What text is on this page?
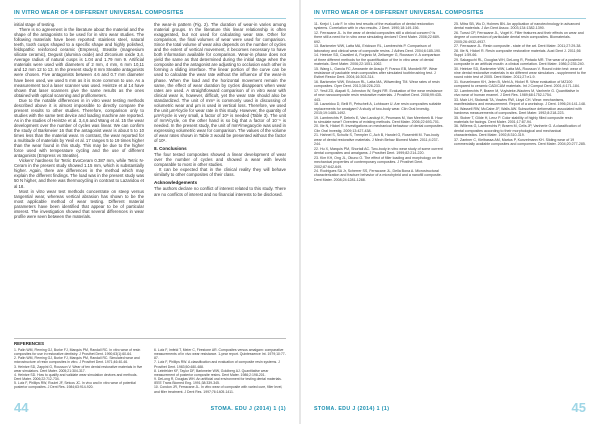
IN VITRO WEAR OF 4 DIFFERENT UNIVERSAL COMPOSITES

initial stage of testing.

There is no agreement in the literature about the material and the shape of the antagonists to be used for in vitro wear studies. The following materials have been reported: stainless steel, natural teeth, tooth cusps shaped to a specific shape and highly polished, feldspathic reinforced ceramic (Empress), Steatite (magnesium silicate ceramic), Degusit (alumina oxide) and Zirconium oxide 3,4. Average radius of natural cusps is 1.04 and 1.79 mm 9. Artificial materials were used with diameters of 2 mm, 4 mm, 6 mm 10,11 and 12 mm 12 to 13. In the present study 8 mm Steatite antagonists were chosen. Five antagonists between 4.6 and 0.7 mm diameter have been used, we used 5 mm as it is more common to use. As a measurement tool a laser scanner was used. Heintze et al 14 have shown that laser scanners give the same results as the ones obtained with optical scanning and profilometers.

Due to the notable differences in in vitro wear testing methods described above it is almost impossible to directly compare the present results to other studies. Therefore, comparison only to studies with the same test device and loading machine are reported. As in the studies of Heintze et al. 3,4,6 and Wang et al. 15 the wear development over the number of cycles was linear. We can confirm the study of Barkmeier 16 that the antagonist wear is about 5 to 10 times less than the material wear. In contrast, the wear reported for a multitude of materials by Yesil et al. 17 ranges 5 to 19 times higher than the wear found in this study. This may be due to the higher force used with temperature cycling and the use of different antagonists (Empress vs Steatite).

Vickers' hardness for Tetric EvoCeram 0.387 mm, while Tetric N-Ceram in the present study showed 1.15 mm, which is substantially higher. Again, there are differences in the method which may explain the different findings. The load was in the present study was 50 N higher, and there was thermocycling in contrast to Lazaridou et al 18.

Most in vitro wear test methods concentrate on steep versus tangential wear, whereas vertical abrasion has shown to be the most applicable method of wear testing. Different material parameters have been identified that appear to be of particular interest. The investigation showed that several differences in wear profile were seen between the materials.

the wear-in pattern (Fig. 2). The duration of wear-in varies among material groups. In the literature this linear relationship is often exaggerated, but not used for calculating wear rate. Other for comparison, the final volumes of wear were used for comparison. Since the total volume of wear also depends on the number of cycles and the extent of vertical movement, it becomes necessary to have both information available for comparison. Wear-in phase does not yield the same as that determined during the initial stage when the composite and the antagonist are adjusting to occlusion each other in forming a sliding interface. The linear portion of the curve can be used to calculate the wear rate without the influence of the wear-in phase. When the load and the horizontal movement remain the same, the effect of wear duration by cycles disappears when wear rates are used. A straightforward comparison of in vitro wear with clinical wear is, however, difficult, yet the wear rate should also be standardized. The unit of mm³ is commonly used in discussing of volumetric wear and µm is used in vertical loss. Therefore, we used the unit µm³/cycle for wear rate in this study. However, the quantity of µm³/cycle is very small, a factor of 10⁶ is needed (Table 3). The unit of mm³/cycle, on the other hand is so big that a factor of 10⁻⁶ is needed. In the present study, the unit of mm³/megacycle was used in expressing volumetric wear for comparison. The values of the volume of wear rates shown in Table 3 would be presented without the factor of 10⁶.

8. Conclusions

The four tested composites showed a linear development of wear over the number of cycles and showed a wear with levels comparable to most in other studies.

It can be expected that in the clinical reality they will behave similarly to other composites of their class.

Acknowledgements

The authors declare no conflict of interest related to this study. There are no conflicts of interest and no financial interests to be disclosed.

REFERENCES
1. Palin WM, Fleming GJ, Burke FJ, Marquis PM, Randall RC. In vitro wear of resin composites for use in restorative dentistry. J Prosthet Dent. 1990;63(1):60-64.
2. Palin WM, Fleming GJ, Burke FJ, Marquis PM, Randall RC. Simulated wear and microstructure of resin composites in vitro. J Prosthet Dent. 1971;46:40-46.
3. Heintze SD, Zappini G, Rousson V. Wear of ten dental restorative materials in five wear simulators. Dent Mater. 2005;21:304-317.
4. Heintze SD. How to qualify and validate wear simulation devices and methods. Dent Mater. 2006;22:712-734.
5. Lutz F, Phillips RW, Roulet JF, Setcos JC. In vivo and in vitro wear of potential posterior composites. J Dent Res. 1984;63:914-920.
6. Lutz F, Imfeld T, Meier C, Firestone AR. Composites versus amalgam: comparative measurements of in vivo wear resistance. 1-year report. Quintessence Int. 1979;10:77-87.
7. Lutz F, Phillips RW. A classification and evaluation of composite resin systems. J Prosthet Dent. 1983;50:480-488.
8. Leinfelder KF, Taylor DF, Barkmeier WW, Goldberg AJ. Quantitative wear measurement of posterior composite resins. Dent Mater. 1986;2:198-201.
9. DeLong R, Douglas WH. An artificial oral environment for testing dental materials. IEEE Trans Biomed Eng. 1991;38:339-345.
10. Condon JR, Ferracane JL. In vitro wear of composite with varied cure, filler level, and filler treatment. J Dent Res. 1997;76:1405-1411.
44	STOMA. EDU J (2014) 1 (1)
IN VITRO WEAR OF 4 DIFFERENT UNIVERSAL COMPOSITES
11. Krejci I, Lutz F. In vitro test results of the evaluation of dental restoration systems. Correlation with in vivo results. J Dent. 1990;18:149-156.
12. Ferracane JL. Is the wear of dental composites still a clinical concern? Is there still a need for in vitro wear simulating devices? Dent Mater. 2006;22:689-692.
13. Barkmeier WW, Latta MA, Erickson RL, Lambrechts P. Comparison of laboratory and clinical wear of composite resins. J Adhes Dent. 2004;6:185-190.
14. Heintze SD, Cavalleri A, Forjanic M, Zellweger G, Rousson V. A comparison of three different methods for the quantification of the in vitro wear of dental materials. Dent Mater. 2006;22:1051-1062.
15. Wang L, Garcia FC, Amarante de Araujo P, Franco EB, Mondelli RF. Wear resistance of packable resin composites after simulated toothbrushing test. J Esthet Restor Dent. 2004;16:303-314.
16. Barkmeier WW, Erickson RL, Latta MA, Wilwerding TM. Wear rates of resin composites. Oper Dent. 2013;38:226-233.
17. Yesil ZD, Alapati S, Johnston W, Seghi RR. Evaluation of the wear resistance of new nanocomposite resin restorative materials. J Prosthet Dent. 2008;99:435-443.
18. Lazaridou D, Belli R, Petschelt A, Lohbauer U. Are resin composites suitable replacements for amalgam? A study of two-body wear. Clin Oral Investig. 2015;19:1485-1492.
19. Lambrechts P, Debels E, Van Landuyt K, Peumans M, Van Meerbeek B. How to simulate wear? Overview of existing methods. Dent Mater. 2006;22:693-701.
20. Ilie N, Hickel R. Investigations on mechanical behaviour of dental composites. Clin Oral Investig. 2009;13:427-438.
21. Hahnel S, Schultz S, Trempler C, Ach B, Handel G, Rosentritt M. Two-body wear of dental restorative materials. J Mech Behav Biomed Mater. 2011;4:237-244.
22. Hu X, Marquis PM, Shortall AC. Two-body in vitro wear study of some current dental composites and amalgams. J Prosthet Dent. 1999;82:214-220.
23. Kim KH, Ong JL, Okuno O. The effect of filler loading and morphology on the mechanical properties of contemporary composites. J Prosthet Dent. 2002;87:642-649.
24. Rodrigues SA Jr, Scherrer SS, Ferracane JL, Della Bona A. Microstructural characterization and fracture behavior of a microhybrid and a nanofill composite. Dent Mater. 2008;24:1281-1288.
25. Mitra SB, Wu D, Holmes BN. An application of nanotechnology in advanced dental materials. J Am Dent Assoc. 2003;134:1382-1390.
26. Turssi CP, Ferracane JL, Vogel K. Filler features and their effects on wear and degree of conversion of particulate dental resin composites. Biomaterials. 2005;26:4932-4937.
27. Ferracane JL. Resin composite - state of the art. Dent Mater. 2011;27:29-38.
28. Ilie N, Hickel R. Resin composite restorative materials. Aust Dent J. 2011;56 Suppl 1:59-66.
29. Sakaguchi RL, Douglas WH, DeLong R, Pintado MR. The wear of a posterior composite in an artificial mouth: a clinical correlation. Dent Mater. 1986;2:235-240.
30. Heintze SD, Barkmeier WW, Latta MA, Rousson V. Round robin test: wear of nine dental restorative materials in six different wear simulators - supplement to the round robin test of 2005. Dent Mater. 2011;27:e1-9.
31. Kunzelmann KH, Jelen B, Mehl A, Hickel R. Wear evaluation of MZ100 compared to ceramic CAD/CAM materials. Int J Comput Dent. 2001;4:171-184.
32. Lambrechts P, Braem M, Vuylsteke-Wauters M, Vanherle G. Quantitative in vivo wear of human enamel. J Dent Res. 1989;68:1752-1754.
33. Mair LH, Stolarski TA, Vowles RW, Lloyd CH. Wear: mechanisms, manifestations and measurement. Report of a workshop. J Dent. 1996;24:141-148.
34. Wassell RW, McCabe JF, Walls AW. Subsurface deformation associated with hardness measurements of composites. Dent Mater. 1992;8:218-223.
35. Stober T, Gilde H, Lenz P. Color stability of highly filled composite resin materials for facings. Dent Mater. 2001;17:87-94.
36. Willems G, Lambrechts P, Braem M, Celis JP, Vanherle G. A classification of dental composites according to their morphological and mechanical characteristics. Dent Mater. 1992;8:310-319.
37. Zantner C, Kielbassa AM, Martus P, Kunzelmann KH. Sliding wear of 19 commercially available composites and compomers. Dent Mater. 2004;20:277-285.
STOMA. EDU J (2014) 1 (1)	45
